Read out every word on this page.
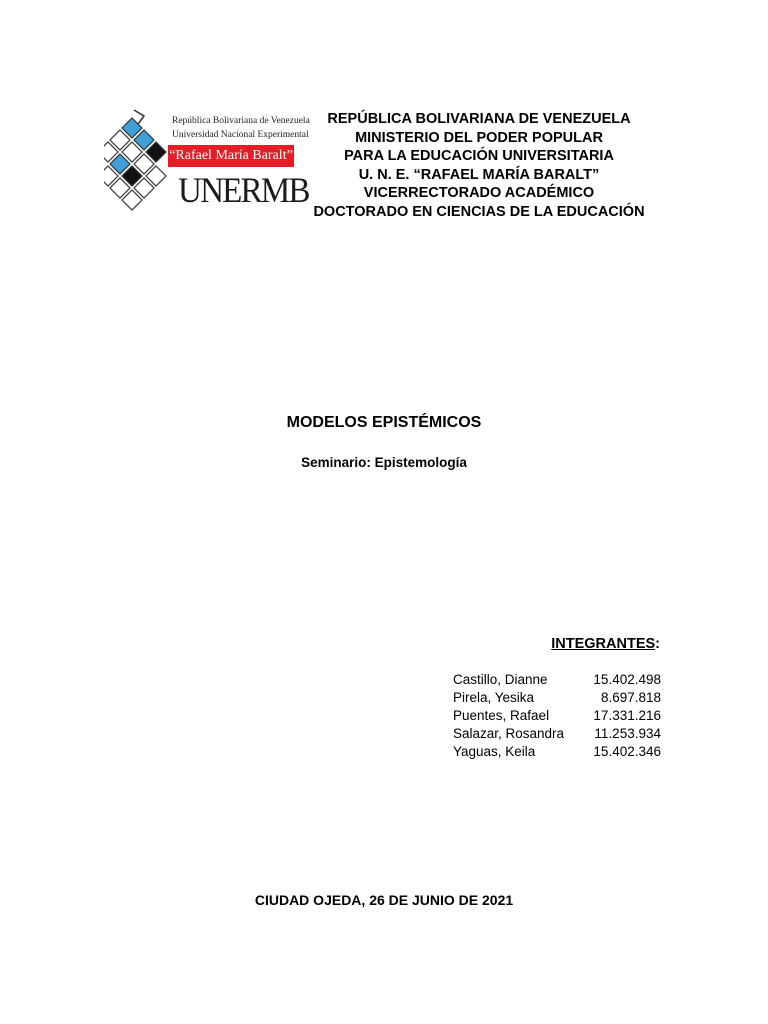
República Bolivariana de Venezuela
Universidad Nacional Experimental
“Rafael María Baralt”
UNERMB
REPÚBLICA BOLIVARIANA DE VENEZUELA
MINISTERIO DEL PODER POPULAR
PARA LA EDUCACIÓN UNIVERSITARIA
U. N. E. “RAFAEL MARÍA BARALT”
VICERRECTORADO ACADÉMICO
DOCTORADO EN CIENCIAS DE LA EDUCACIÓN
MODELOS EPISTÉMICOS
Seminario: Epistemología
INTEGRANTES:
Castillo, Dianne	15.402.498
Pirela, Yesika	8.697.818
Puentes, Rafael	17.331.216
Salazar, Rosandra 11.253.934
Yaguas, Keila	15.402.346
CIUDAD OJEDA, 26 DE JUNIO DE 2021
